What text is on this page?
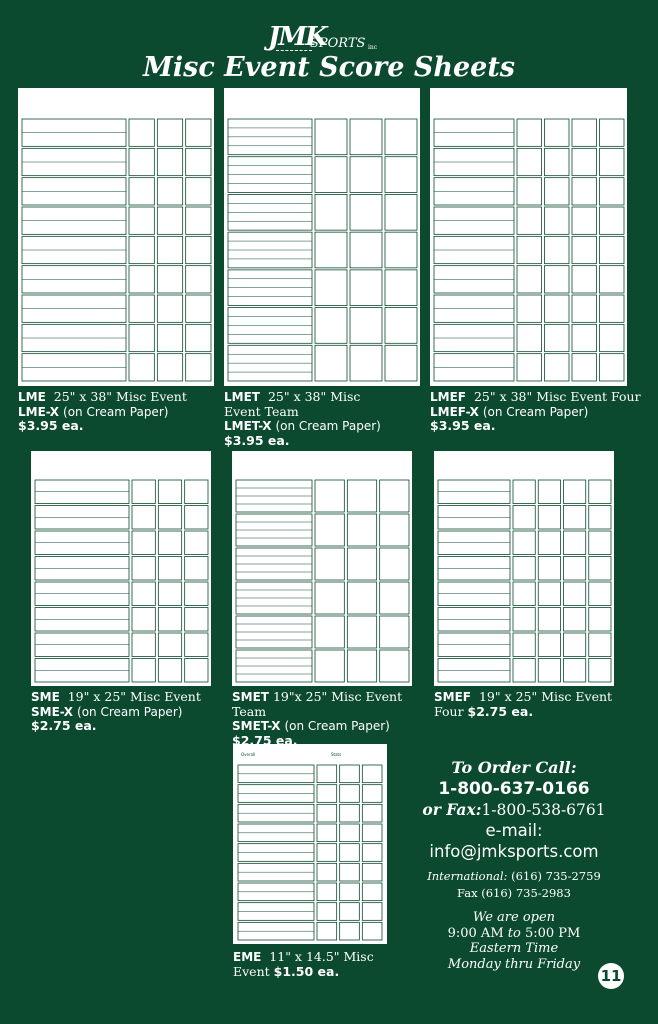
JMK
SPORTS inc
Misc Event Score Sheets
Overall	Stats
LME 25" x 38" Misc Event
LME-X (on Cream Paper)
$3.95 ea.
LMET 25" x 38" Misc Event Team
LMET-X (on Cream Paper)
$3.95 ea.
LMEF 25" x 38" Misc Event Four
LMEF-X (on Cream Paper)
$3.95 ea.
SME 19" x 25" Misc Event
SME-X (on Cream Paper)
$2.75 ea.
SMET 19"x 25" Misc Event Team
SMET-X (on Cream Paper)
$2.75 ea.
SMEF 19" x 25" Misc Event
Four $2.75 ea.
EME 11" x 14.5" Misc
Event $1.50 ea.
To Order Call:
1-800-637-0166
or Fax:1-800-538-6761
e-mail:
info@jmksports.com
International: (616) 735-2759
Fax (616) 735-2983
We are open
9:00 AM to 5:00 PM
Eastern Time
Monday thru Friday
11
